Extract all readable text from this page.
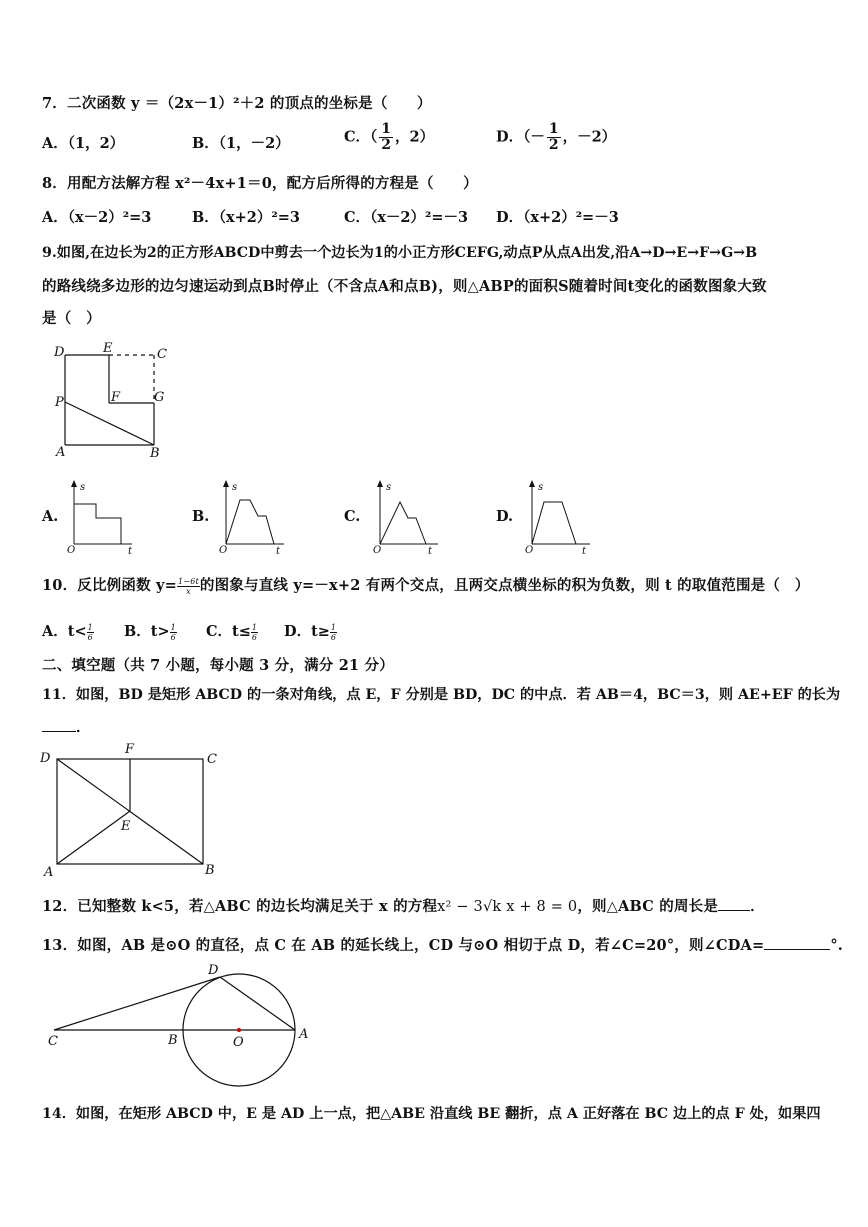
7．二次函数 y ＝（2x－1）²＋2 的顶点的坐标是（　　）
A．（1，2）	B．（1，－2）	C．（ $\frac{1}{2}$ ，2）	D．（－ $\frac{1}{2}$ ，－2）
8．用配方法解方程 x²－4x+1＝0，配方后所得的方程是（　　）
A．（x－2）²=3	B．（x+2）²=3	C．（x－2）²=－3 D．（x+2）²=－3
9.如图,在边长为2的正方形ABCD中剪去一个边长为1的小正方形CEFG,动点P从点A出发,沿A→D→E→F→G→B
的路线绕多边形的边匀速运动到点B时停止（不含点A和点B)，则△ABP的面积S随着时间t变化的函数图象大致
是（　）
D	E	C
P	F	G
A	B
A.
s
O	t
B.
s
O	t
C.
s
O	t
D.
s
O	t
10．反比例函数 $y= \frac{1-6t}{x}$ 的图象与直线 y=－x+2 有两个交点，且两交点横坐标的积为负数，则 t 的取值范围是（　）
A．$t< \frac{1}{6}$ B．$t> \frac{1}{6}$ C．$t\le \frac{1}{6}$ D．$t\ge \frac{1}{6}$
二、填空题（共 7 小题，每小题 3 分，满分 21 分）
11．如图，BD 是矩形 ABCD 的一条对角线，点 E，F 分别是 BD，DC 的中点．若 AB＝4，BC＝3，则 AE+EF 的长为
．
D
F
C
E
A	B
12．已知整数 k<5，若△ABC 的边长均满足关于 x 的方程x² − 3√k x + 8 = 0，则△ABC 的周长是 ．
13．如图，AB 是⊙O 的直径，点 C 在 AB 的延长线上，CD 与⊙O 相切于点 D，若∠C=20°，则∠CDA=	°.
D
C	B	O
A
14．如图，在矩形 ABCD 中，E 是 AD 上一点，把△ABE 沿直线 BE 翻折，点 A 正好落在 BC 边上的点 F 处，如果四
